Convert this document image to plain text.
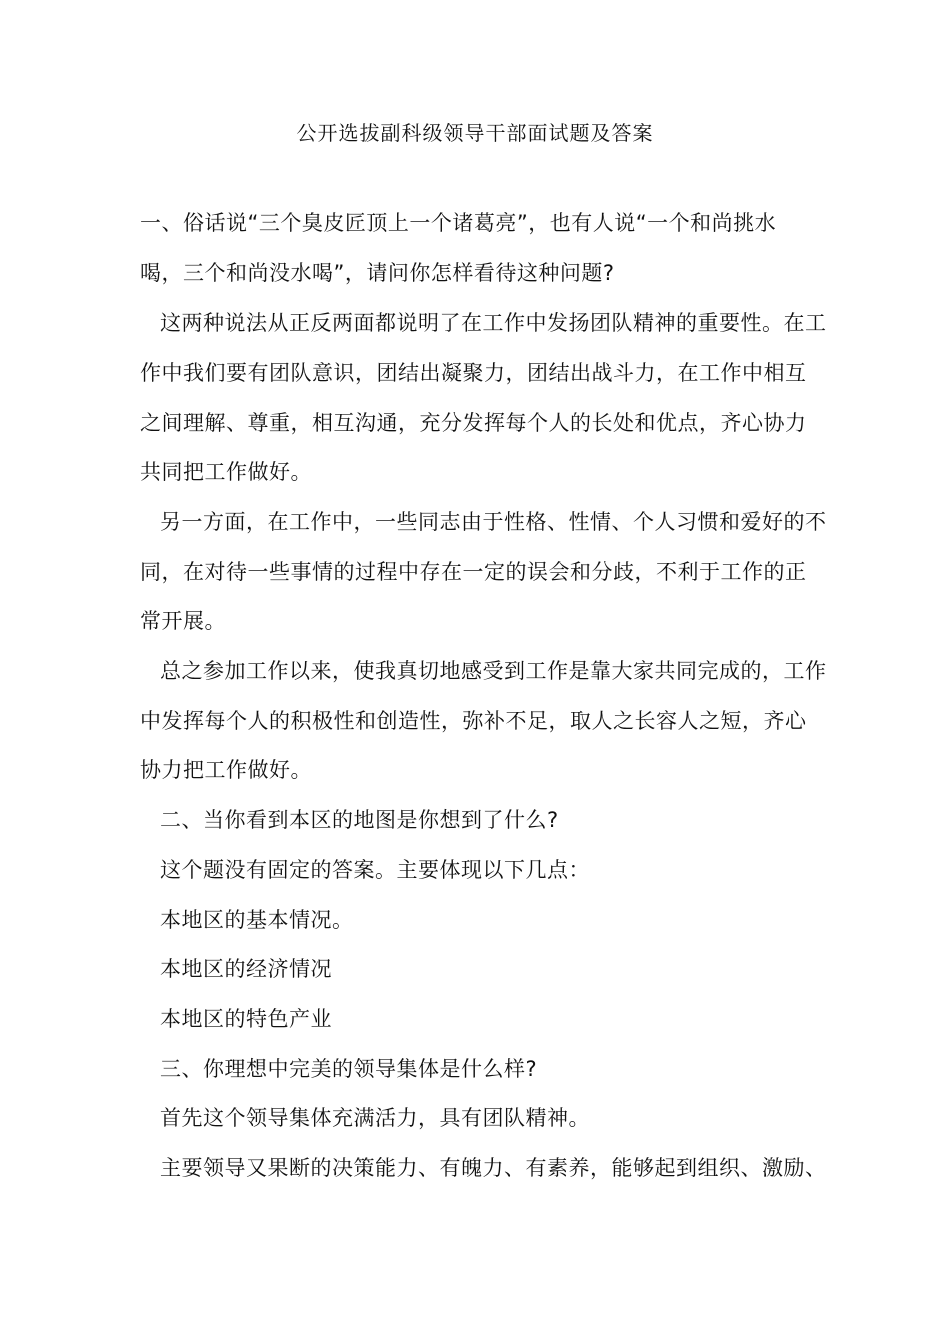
公开选拔副科级领导干部面试题及答案
一、俗话说“三个臭皮匠顶上一个诸葛亮”，也有人说“一个和尚挑水
喝，三个和尚没水喝”，请问你怎样看待这种问题?
这两种说法从正反两面都说明了在工作中发扬团队精神的重要性。在工
作中我们要有团队意识，团结出凝聚力，团结出战斗力，在工作中相互
之间理解、尊重，相互沟通，充分发挥每个人的长处和优点，齐心协力
共同把工作做好。
另一方面，在工作中，一些同志由于性格、性情、个人习惯和爱好的不
同，在对待一些事情的过程中存在一定的误会和分歧，不利于工作的正
常开展。
总之参加工作以来，使我真切地感受到工作是靠大家共同完成的，工作
中发挥每个人的积极性和创造性，弥补不足，取人之长容人之短，齐心
协力把工作做好。
二、当你看到本区的地图是你想到了什么?
这个题没有固定的答案。主要体现以下几点：
本地区的基本情况。
本地区的经济情况
本地区的特色产业
三、你理想中完美的领导集体是什么样?
首先这个领导集体充满活力，具有团队精神。
主要领导又果断的决策能力、有魄力、有素养，能够起到组织、激励、
